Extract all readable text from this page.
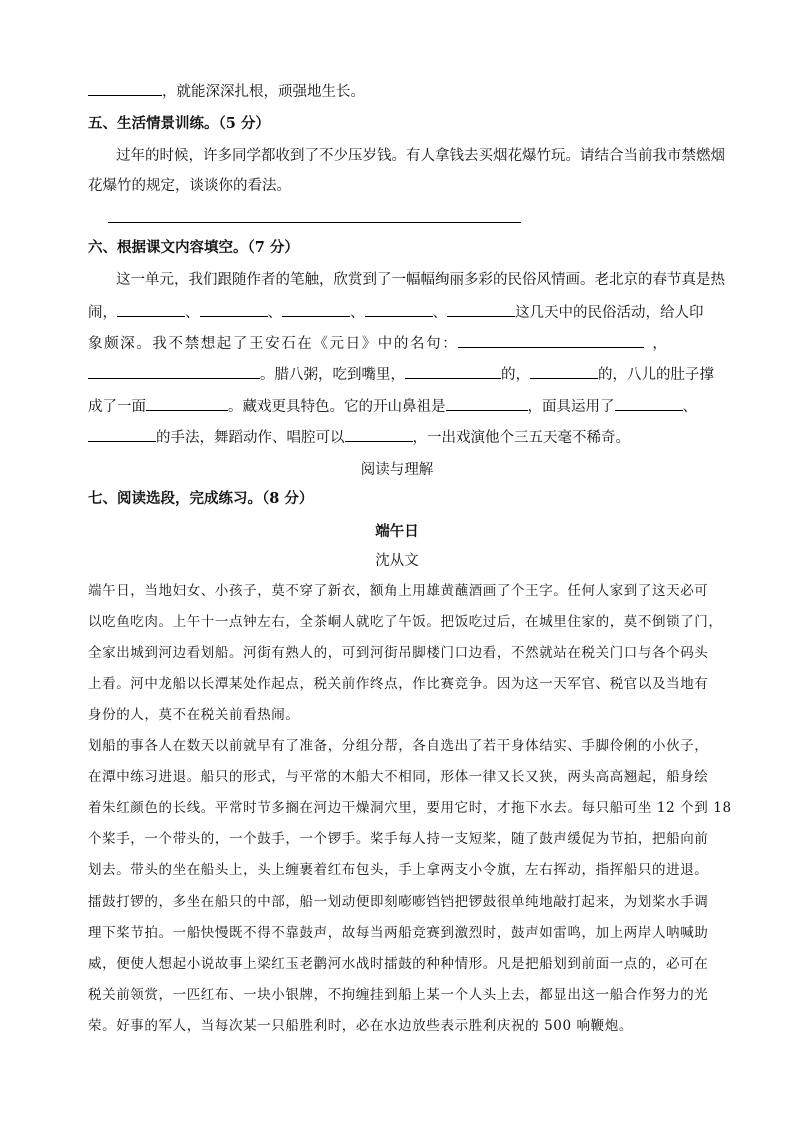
，就能深深扎根，顽强地生长。
五、生活情景训练。（5 分）
过年的时候，许多同学都收到了不少压岁钱。有人拿钱去买烟花爆竹玩。请结合当前我市禁燃烟
花爆竹的规定，谈谈你的看法。
六、根据课文内容填空。（7 分）
这一单元，我们跟随作者的笔触，欣赏到了一幅幅绚丽多彩的民俗风情画。老北京的春节真是热
闹，	、	、	、	、	这几天中的民俗活动，给人印
象颇深。我不禁想起了王安石在《元日》中的名句：	，
。腊八粥，吃到嘴里，	的，	的，八儿的肚子撑
成了一面	。藏戏更具特色。它的开山鼻祖是	，面具运用了	、
的手法，舞蹈动作、唱腔可以	，一出戏演他个三五天毫不稀奇。
阅读与理解
七、阅读选段，完成练习。（8 分）
端午日
沈从文
端午日，当地妇女、小孩子，莫不穿了新衣，额角上用雄黄蘸酒画了个王字。任何人家到了这天必可
以吃鱼吃肉。上午十一点钟左右，全茶峒人就吃了午饭。把饭吃过后，在城里住家的，莫不倒锁了门，
全家出城到河边看划船。河街有熟人的，可到河街吊脚楼门口边看，不然就站在税关门口与各个码头
上看。河中龙船以长潭某处作起点，税关前作终点，作比赛竞争。因为这一天军官、税官以及当地有
身份的人，莫不在税关前看热闹。
划船的事各人在数天以前就早有了准备，分组分帮，各自选出了若干身体结实、手脚伶俐的小伙子，
在潭中练习进退。船只的形式，与平常的木船大不相同，形体一律又长又狭，两头高高翘起，船身绘
着朱红颜色的长线。平常时节多搁在河边干燥洞穴里，要用它时，才拖下水去。每只船可坐 12 个到 18
个桨手，一个带头的，一个鼓手，一个锣手。桨手每人持一支短桨，随了鼓声缓促为节拍，把船向前
划去。带头的坐在船头上，头上缠裹着红布包头，手上拿两支小令旗，左右挥动，指挥船只的进退。
擂鼓打锣的，多坐在船只的中部，船一划动便即刻嘭嘭铛铛把锣鼓很单纯地敲打起来，为划桨水手调
理下桨节拍。一船快慢既不得不靠鼓声，故每当两船竞赛到激烈时，鼓声如雷鸣，加上两岸人呐喊助
威，便使人想起小说故事上梁红玉老鹳河水战时擂鼓的种种情形。凡是把船划到前面一点的，必可在
税关前领赏，一匹红布、一块小银牌，不拘缠挂到船上某一个人头上去，都显出这一船合作努力的光
荣。好事的军人，当每次某一只船胜利时，必在水边放些表示胜利庆祝的 500 响鞭炮。
